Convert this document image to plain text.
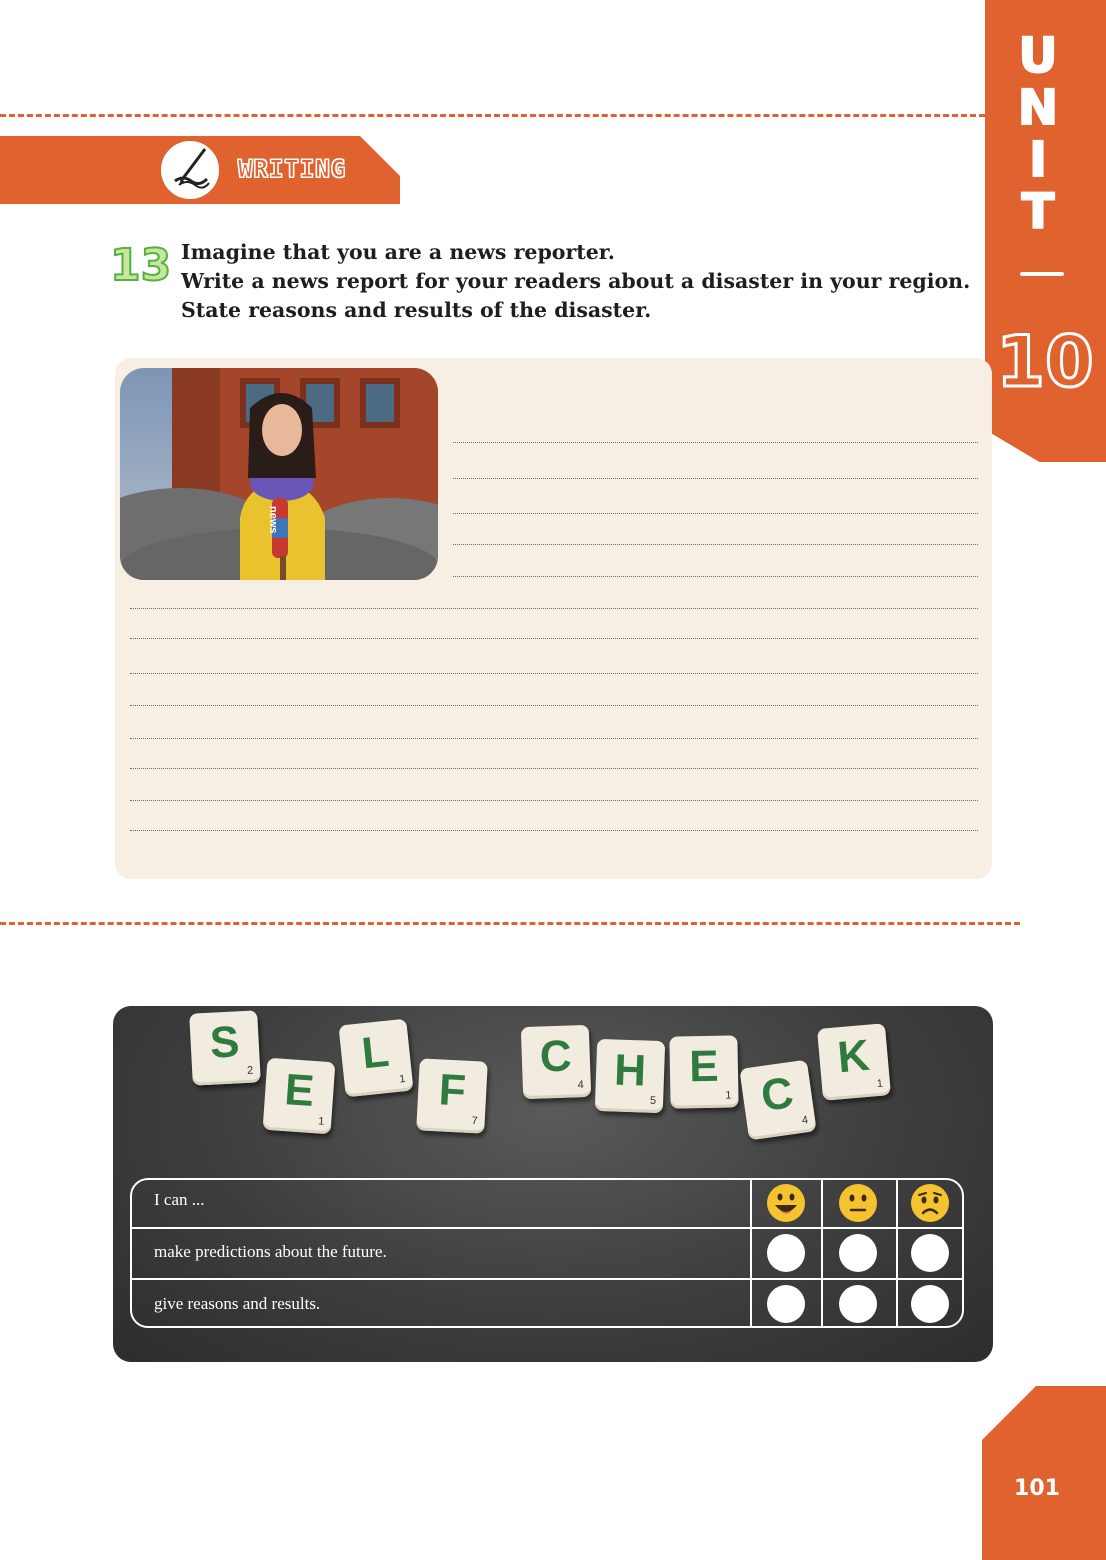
U
N
I
T
10
WRITING
13 Imagine that you are a news reporter.
Write a news report for your readers about a disaster in your region.
State reasons and results of the disaster.
news
S
2 E
1
L
1 F
7
C
4 H
5
E
1 C 4
K
1
I can ...
make predictions about the future.
give reasons and results.
101
